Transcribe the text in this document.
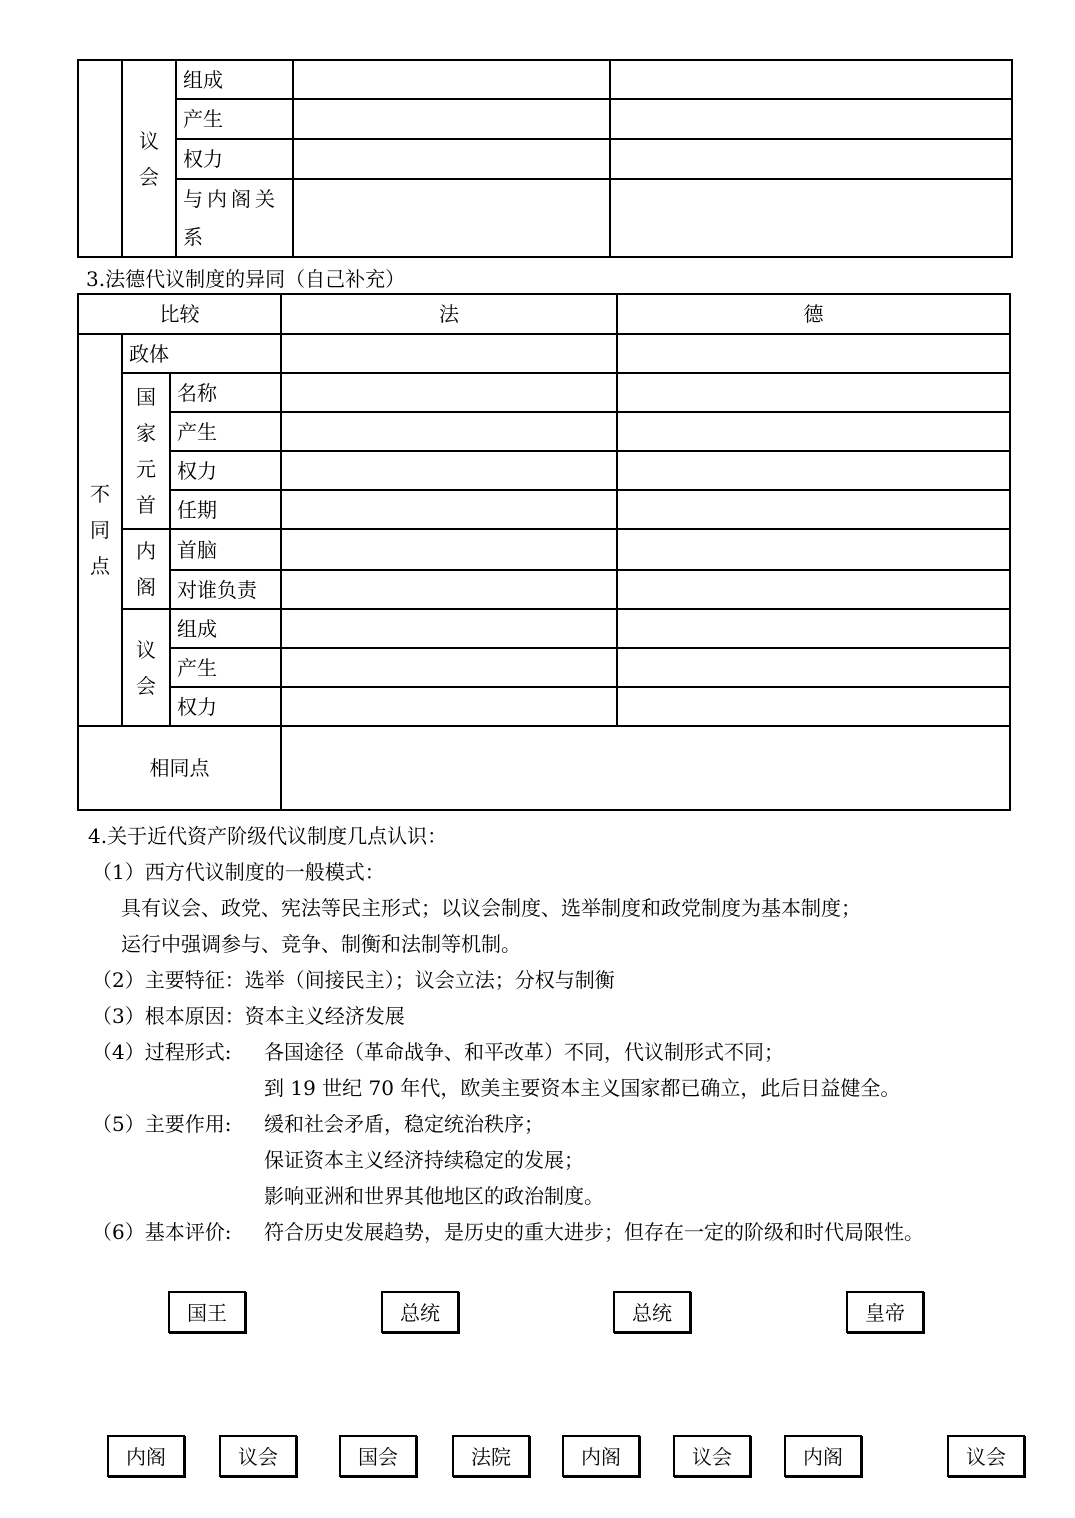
	议会	组成		
		产生		
		权力		
		与内阁关系		
3.法德代议制度的异同（自己补充）
比较			法	德
不同点	政体			
	国家元首	名称		
		产生		
		权力		
		任期		
	内阁	首脑		
		对谁负责		
	议会	组成		
		产生		
		权力		
相同点				
4.关于近代资产阶级代议制度几点认识：
（1）西方代议制度的一般模式：
具有议会、政党、宪法等民主形式；以议会制度、选举制度和政党制度为基本制度；
运行中强调参与、竞争、制衡和法制等机制。
（2）主要特征：选举（间接民主）；议会立法；分权与制衡
（3）根本原因：资本主义经济发展
（4）过程形式: 各国途径（革命战争、和平改革）不同，代议制形式不同；
到 19 世纪 70 年代，欧美主要资本主义国家都已确立，此后日益健全。
（5）主要作用: 缓和社会矛盾，稳定统治秩序；
保证资本主义经济持续稳定的发展；
影响亚洲和世界其他地区的政治制度。
（6）基本评价: 符合历史发展趋势，是历史的重大进步；但存在一定的阶级和时代局限性。
国王	总统	总统	皇帝
内阁	议会	国会	法院	内阁	议会	内阁	议会
